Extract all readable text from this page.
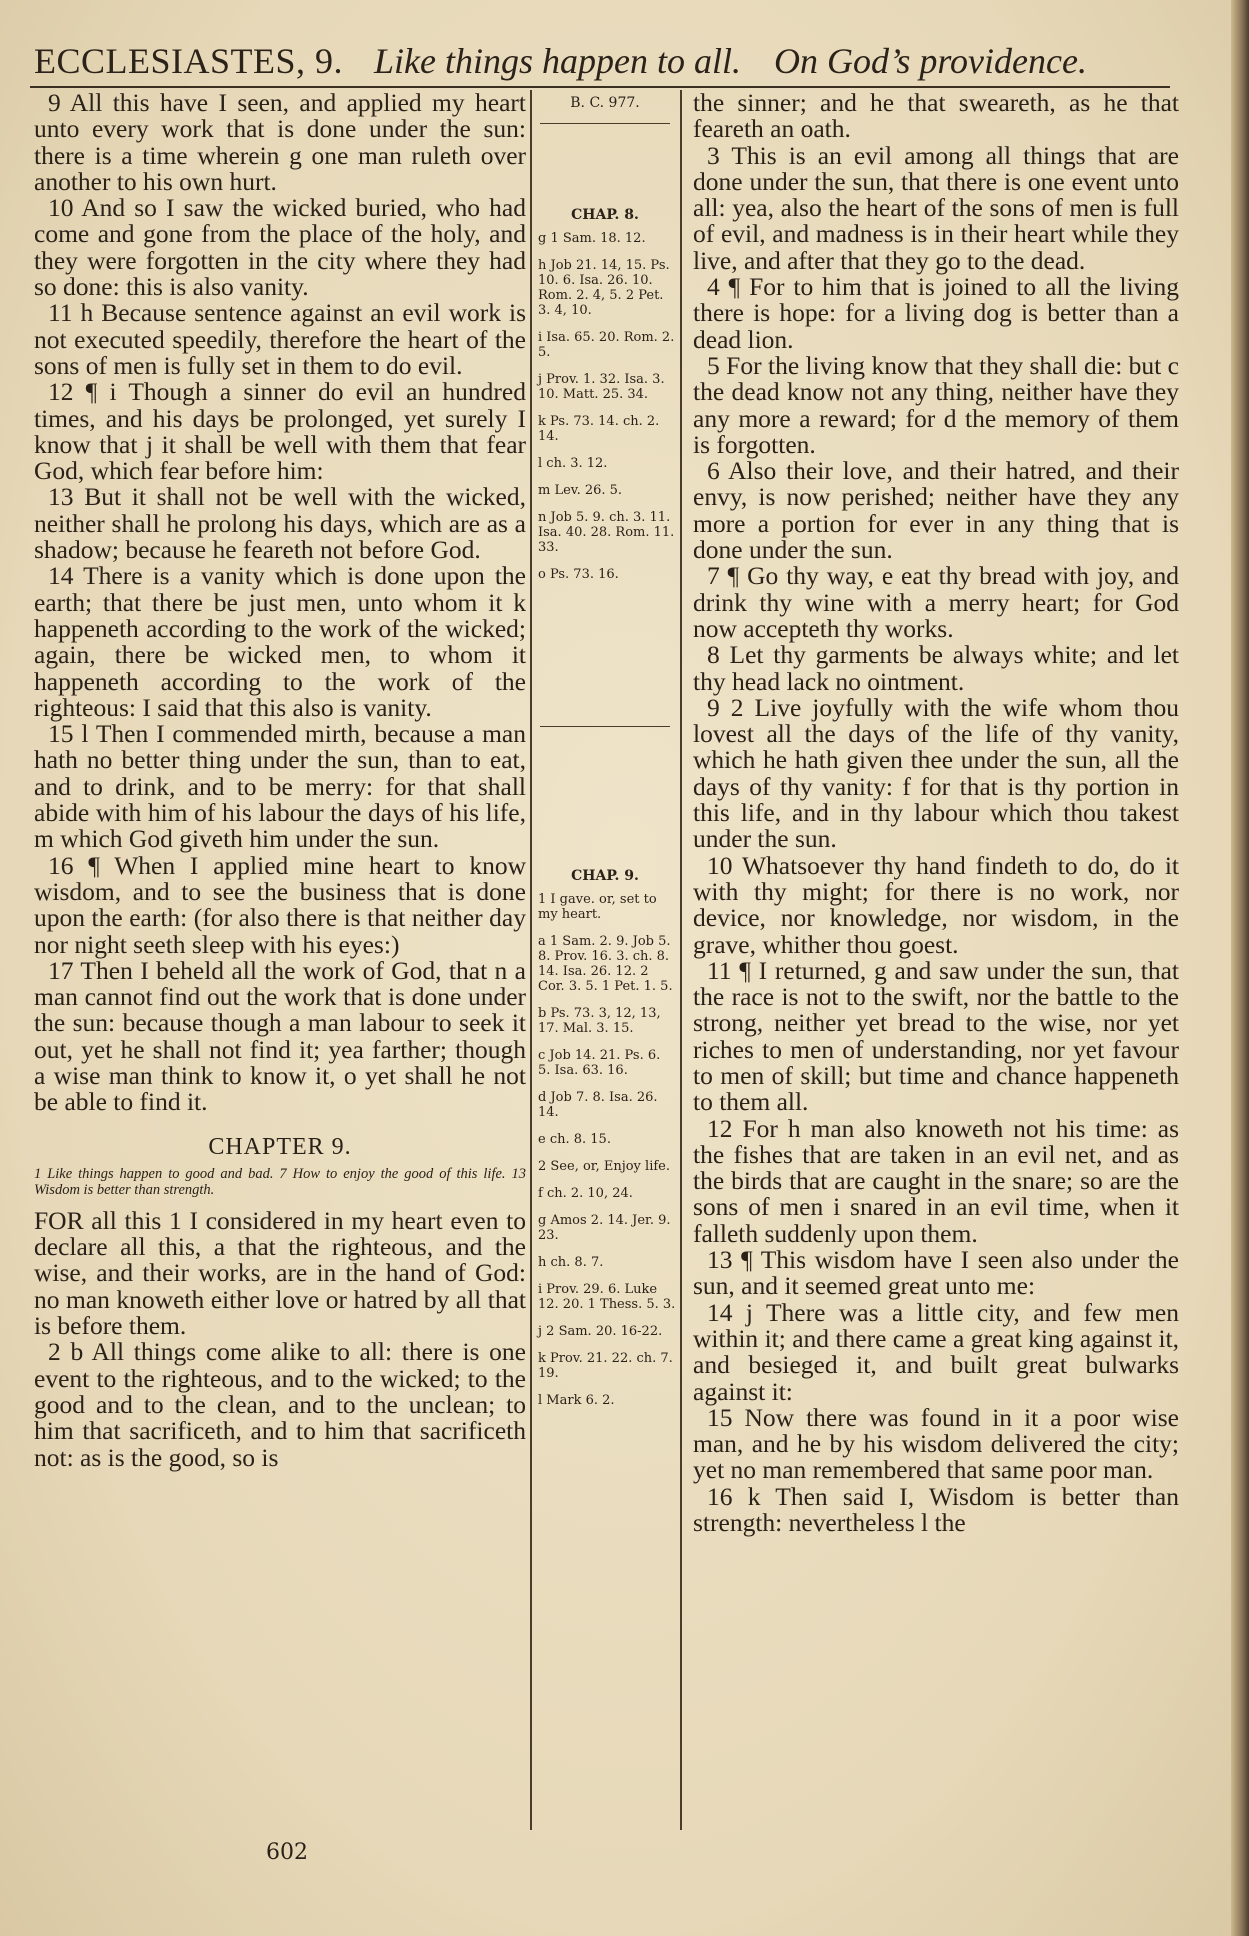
ECCLESIASTES, 9. Like things happen to all. On God’s providence.
9 All this have I seen, and applied my heart unto every work that is done under the sun: there is a time wherein g one man ruleth over another to his own hurt.
10 And so I saw the wicked buried, who had come and gone from the place of the holy, and they were forgotten in the city where they had so done: this is also vanity.
11 h Because sentence against an evil work is not executed speedily, therefore the heart of the sons of men is fully set in them to do evil.
12 ¶ i Though a sinner do evil an hundred times, and his days be prolonged, yet surely I know that j it shall be well with them that fear God, which fear before him:
13 But it shall not be well with the wicked, neither shall he prolong his days, which are as a shadow; because he feareth not before God.
14 There is a vanity which is done upon the earth; that there be just men, unto whom it k happeneth according to the work of the wicked; again, there be wicked men, to whom it happeneth according to the work of the righteous: I said that this also is vanity.
15 l Then I commended mirth, because a man hath no better thing under the sun, than to eat, and to drink, and to be merry: for that shall abide with him of his labour the days of his life, m which God giveth him under the sun.
16 ¶ When I applied mine heart to know wisdom, and to see the business that is done upon the earth: (for also there is that neither day nor night seeth sleep with his eyes:)
17 Then I beheld all the work of God, that n a man cannot find out the work that is done under the sun: because though a man labour to seek it out, yet he shall not find it; yea farther; though a wise man think to know it, o yet shall he not be able to find it.
CHAPTER 9.
1 Like things happen to good and bad. 7 How to enjoy the good of this life. 13 Wisdom is better than strength.
FOR all this 1 I considered in my heart even to declare all this, a that the righteous, and the wise, and their works, are in the hand of God: no man knoweth either love or hatred by all that is before them.
2 b All things come alike to all: there is one event to the righteous, and to the wicked; to the good and to the clean, and to the unclean; to him that sacrificeth, and to him that sacrificeth not: as is the good, so is
B. C. 977.
CHAP. 8.
g 1 Sam. 18. 12.
h Job 21. 14, 15. Ps. 10. 6. Isa. 26. 10. Rom. 2. 4, 5. 2 Pet. 3. 4, 10.
i Isa. 65. 20. Rom. 2. 5.
j Prov. 1. 32. Isa. 3. 10. Matt. 25. 34.
k Ps. 73. 14. ch. 2. 14.
l ch. 3. 12.
m Lev. 26. 5.
n Job 5. 9. ch. 3. 11. Isa. 40. 28. Rom. 11. 33.
o Ps. 73. 16.
CHAP. 9.
1 I gave. or, set to my heart.
a 1 Sam. 2. 9. Job 5. 8. Prov. 16. 3. ch. 8. 14. Isa. 26. 12. 2 Cor. 3. 5. 1 Pet. 1. 5.
b Ps. 73. 3, 12, 13, 17. Mal. 3. 15.
c Job 14. 21. Ps. 6. 5. Isa. 63. 16.
d Job 7. 8. Isa. 26. 14.
e ch. 8. 15.
2 See, or, Enjoy life.
f ch. 2. 10, 24.
g Amos 2. 14. Jer. 9. 23.
h ch. 8. 7.
i Prov. 29. 6. Luke 12. 20. 1 Thess. 5. 3.
j 2 Sam. 20. 16-22.
k Prov. 21. 22. ch. 7. 19.
l Mark 6. 2.
the sinner; and he that sweareth, as he that feareth an oath.
3 This is an evil among all things that are done under the sun, that there is one event unto all: yea, also the heart of the sons of men is full of evil, and madness is in their heart while they live, and after that they go to the dead.
4 ¶ For to him that is joined to all the living there is hope: for a living dog is better than a dead lion.
5 For the living know that they shall die: but c the dead know not any thing, neither have they any more a reward; for d the memory of them is forgotten.
6 Also their love, and their hatred, and their envy, is now perished; neither have they any more a portion for ever in any thing that is done under the sun.
7 ¶ Go thy way, e eat thy bread with joy, and drink thy wine with a merry heart; for God now accepteth thy works.
8 Let thy garments be always white; and let thy head lack no ointment.
9 2 Live joyfully with the wife whom thou lovest all the days of the life of thy vanity, which he hath given thee under the sun, all the days of thy vanity: f for that is thy portion in this life, and in thy labour which thou takest under the sun.
10 Whatsoever thy hand findeth to do, do it with thy might; for there is no work, nor device, nor knowledge, nor wisdom, in the grave, whither thou goest.
11 ¶ I returned, g and saw under the sun, that the race is not to the swift, nor the battle to the strong, neither yet bread to the wise, nor yet riches to men of understanding, nor yet favour to men of skill; but time and chance happeneth to them all.
12 For h man also knoweth not his time: as the fishes that are taken in an evil net, and as the birds that are caught in the snare; so are the sons of men i snared in an evil time, when it falleth suddenly upon them.
13 ¶ This wisdom have I seen also under the sun, and it seemed great unto me:
14 j There was a little city, and few men within it; and there came a great king against it, and besieged it, and built great bulwarks against it:
15 Now there was found in it a poor wise man, and he by his wisdom delivered the city; yet no man remembered that same poor man.
16 k Then said I, Wisdom is better than strength: nevertheless l the
602
